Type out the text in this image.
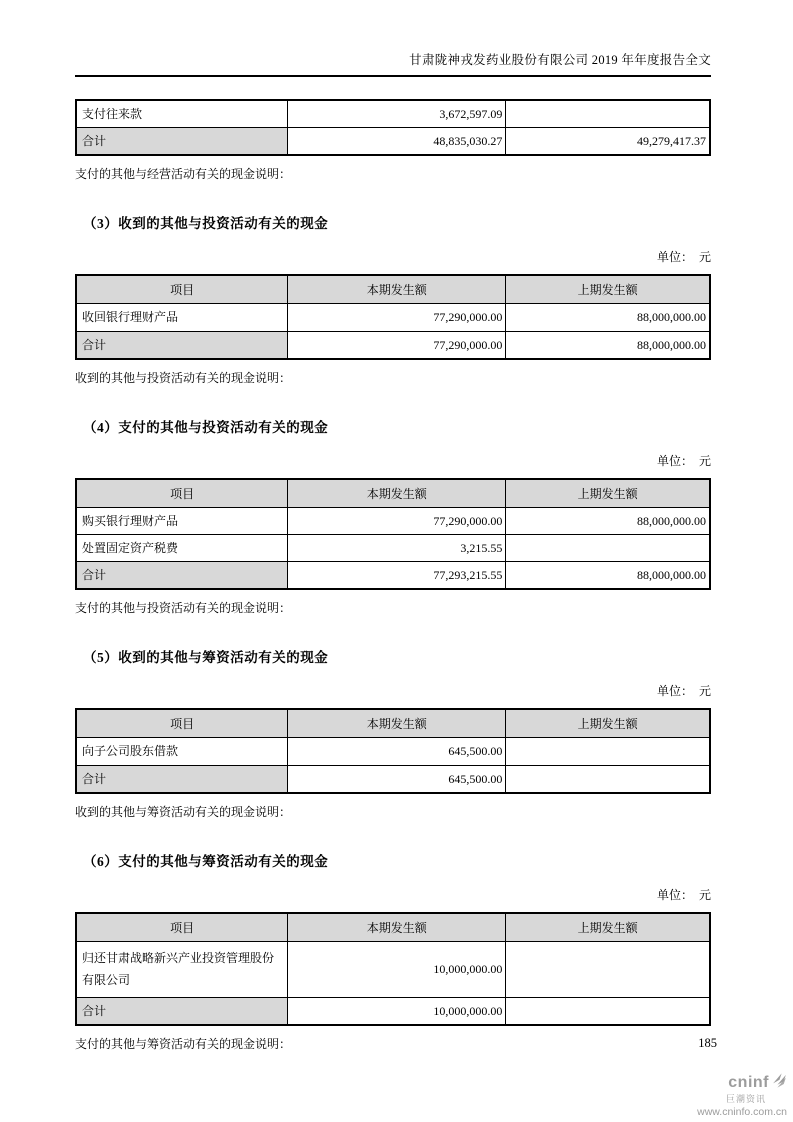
甘肃陇神戎发药业股份有限公司 2019 年年度报告全文
支付往来款	3,672,597.09	
合计	48,835,030.27	49,279,417.37
支付的其他与经营活动有关的现金说明：
（3）收到的其他与投资活动有关的现金
单位：　元
项目	本期发生额	上期发生额
收回银行理财产品	77,290,000.00	88,000,000.00
合计	77,290,000.00	88,000,000.00
收到的其他与投资活动有关的现金说明：
（4）支付的其他与投资活动有关的现金
单位：　元
项目	本期发生额	上期发生额
购买银行理财产品	77,290,000.00	88,000,000.00
处置固定资产税费	3,215.55	
合计	77,293,215.55	88,000,000.00
支付的其他与投资活动有关的现金说明：
（5）收到的其他与筹资活动有关的现金
单位：　元
项目	本期发生额	上期发生额
向子公司股东借款	645,500.00	
合计	645,500.00	
收到的其他与筹资活动有关的现金说明：
（6）支付的其他与筹资活动有关的现金
单位：　元
项目	本期发生额	上期发生额
归还甘肃战略新兴产业投资管理股份有限公司	10,000,000.00	
合计	10,000,000.00	
支付的其他与筹资活动有关的现金说明：	185
cninf
巨潮资讯
www.cninfo.com.cn
